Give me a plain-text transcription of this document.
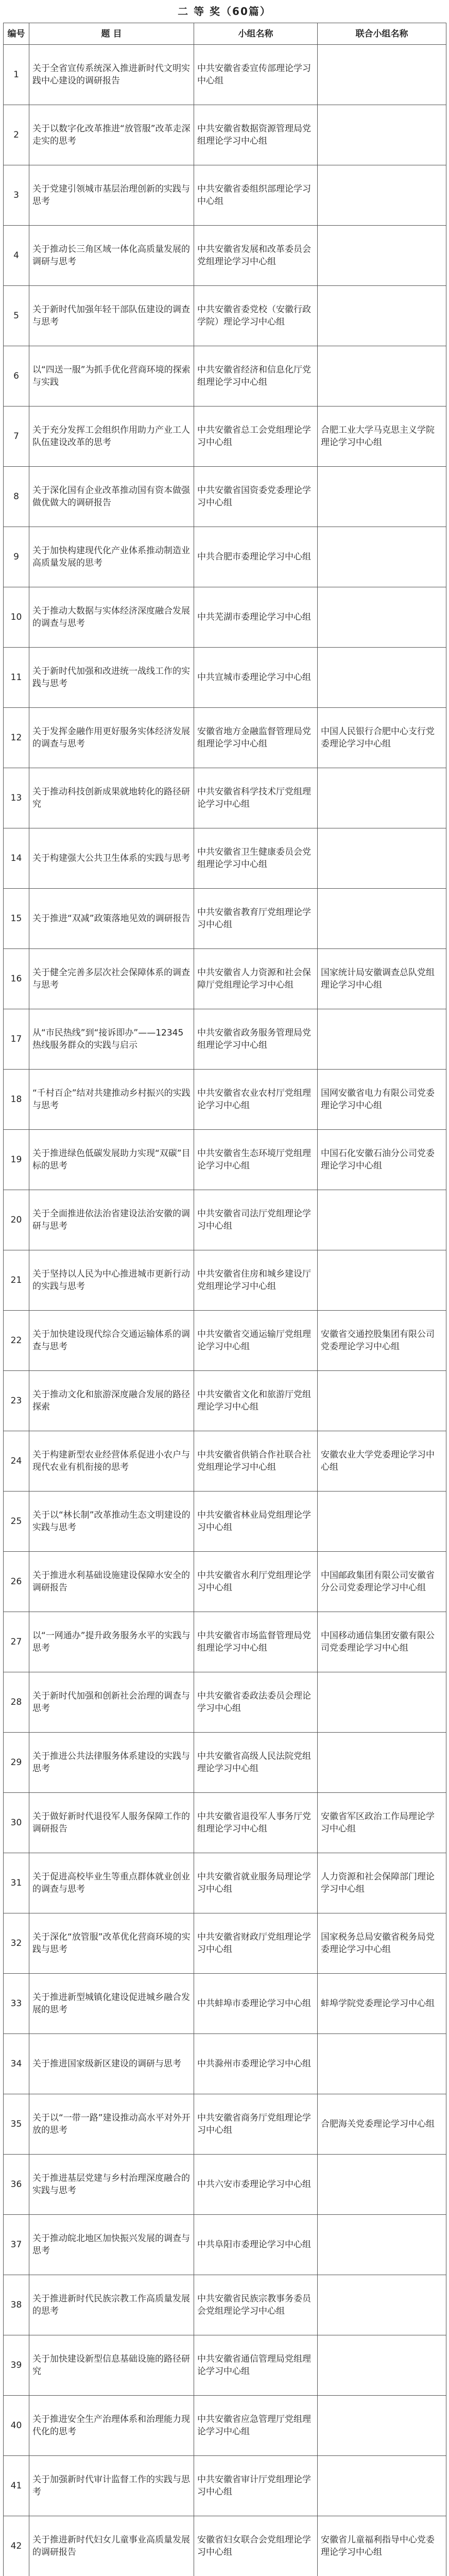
二 等 奖（60篇）
编号	题 目	小组名称	联合小组名称
1	关于全省宣传系统深入推进新时代文明实践中心建设的调研报告	中共安徽省委宣传部理论学习中心组	
2	关于以数字化改革推进“放管服”改革走深走实的思考	中共安徽省数据资源管理局党组理论学习中心组	
3	关于党建引领城市基层治理创新的实践与思考	中共安徽省委组织部理论学习中心组	
4	关于推动长三角区域一体化高质量发展的调研与思考	中共安徽省发展和改革委员会党组理论学习中心组	
5	关于新时代加强年轻干部队伍建设的调查与思考	中共安徽省委党校（安徽行政学院）理论学习中心组	
6	以“四送一服”为抓手优化营商环境的探索与实践	中共安徽省经济和信息化厅党组理论学习中心组	
7	关于充分发挥工会组织作用助力产业工人队伍建设改革的思考	中共安徽省总工会党组理论学习中心组	合肥工业大学马克思主义学院理论学习中心组
8	关于深化国有企业改革推动国有资本做强做优做大的调研报告	中共安徽省国资委党委理论学习中心组	
9	关于加快构建现代化产业体系推动制造业高质量发展的思考	中共合肥市委理论学习中心组	
10	关于推动大数据与实体经济深度融合发展的调查与思考	中共芜湖市委理论学习中心组	
11	关于新时代加强和改进统一战线工作的实践与思考	中共宣城市委理论学习中心组	
12	关于发挥金融作用更好服务实体经济发展的调查与思考	安徽省地方金融监督管理局党组理论学习中心组	中国人民银行合肥中心支行党委理论学习中心组
13	关于推动科技创新成果就地转化的路径研究	中共安徽省科学技术厅党组理论学习中心组	
14	关于构建强大公共卫生体系的实践与思考	中共安徽省卫生健康委员会党组理论学习中心组	
15	关于推进“双减”政策落地见效的调研报告	中共安徽省教育厅党组理论学习中心组	
16	关于健全完善多层次社会保障体系的调查与思考	中共安徽省人力资源和社会保障厅党组理论学习中心组	国家统计局安徽调查总队党组理论学习中心组
17	从“市民热线”到“接诉即办”——12345热线服务群众的实践与启示	中共安徽省政务服务管理局党组理论学习中心组	
18	“千村百企”结对共建推动乡村振兴的实践与思考	中共安徽省农业农村厅党组理论学习中心组	国网安徽省电力有限公司党委理论学习中心组
19	关于推进绿色低碳发展助力实现“双碳”目标的思考	中共安徽省生态环境厅党组理论学习中心组	中国石化安徽石油分公司党委理论学习中心组
20	关于全面推进依法治省建设法治安徽的调研与思考	中共安徽省司法厅党组理论学习中心组	
21	关于坚持以人民为中心推进城市更新行动的实践与思考	中共安徽省住房和城乡建设厅党组理论学习中心组	
22	关于加快建设现代综合交通运输体系的调查与思考	中共安徽省交通运输厅党组理论学习中心组	安徽省交通控股集团有限公司党委理论学习中心组
23	关于推动文化和旅游深度融合发展的路径探索	中共安徽省文化和旅游厅党组理论学习中心组	
24	关于构建新型农业经营体系促进小农户与现代农业有机衔接的思考	中共安徽省供销合作社联合社党组理论学习中心组	安徽农业大学党委理论学习中心组
25	关于以“林长制”改革推动生态文明建设的实践与思考	中共安徽省林业局党组理论学习中心组	
26	关于推进水利基础设施建设保障水安全的调研报告	中共安徽省水利厅党组理论学习中心组	中国邮政集团有限公司安徽省分公司党委理论学习中心组
27	以“一网通办”提升政务服务水平的实践与思考	中共安徽省市场监督管理局党组理论学习中心组	中国移动通信集团安徽有限公司党委理论学习中心组
28	关于新时代加强和创新社会治理的调查与思考	中共安徽省委政法委员会理论学习中心组	
29	关于推进公共法律服务体系建设的实践与思考	中共安徽省高级人民法院党组理论学习中心组	
30	关于做好新时代退役军人服务保障工作的调研报告	中共安徽省退役军人事务厅党组理论学习中心组	安徽省军区政治工作局理论学习中心组
31	关于促进高校毕业生等重点群体就业创业的调查与思考	中共安徽省就业服务局理论学习中心组	人力资源和社会保障部门理论学习中心组
32	关于深化“放管服”改革优化营商环境的实践与思考	中共安徽省财政厅党组理论学习中心组	国家税务总局安徽省税务局党委理论学习中心组
33	关于推进新型城镇化建设促进城乡融合发展的思考	中共蚌埠市委理论学习中心组	蚌埠学院党委理论学习中心组
34	关于推进国家级新区建设的调研与思考	中共滁州市委理论学习中心组	
35	关于以“一带一路”建设推动高水平对外开放的思考	中共安徽省商务厅党组理论学习中心组	合肥海关党委理论学习中心组
36	关于推进基层党建与乡村治理深度融合的实践与思考	中共六安市委理论学习中心组	
37	关于推动皖北地区加快振兴发展的调查与思考	中共阜阳市委理论学习中心组	
38	关于推进新时代民族宗教工作高质量发展的思考	中共安徽省民族宗教事务委员会党组理论学习中心组	
39	关于加快建设新型信息基础设施的路径研究	中共安徽省通信管理局党组理论学习中心组	
40	关于推进安全生产治理体系和治理能力现代化的思考	中共安徽省应急管理厅党组理论学习中心组	
41	关于加强新时代审计监督工作的实践与思考	中共安徽省审计厅党组理论学习中心组	
42	关于推进新时代妇女儿童事业高质量发展的调研报告	安徽省妇女联合会党组理论学习中心组	安徽省儿童福利指导中心党委理论学习中心组
